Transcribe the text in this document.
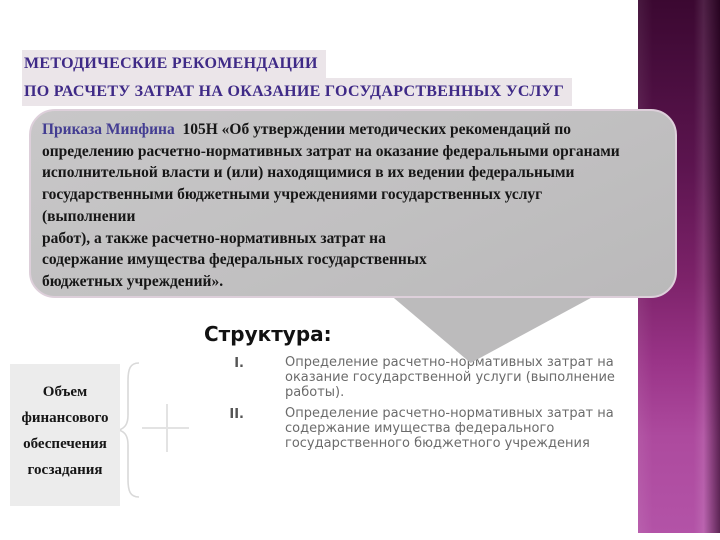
МЕТОДИЧЕСКИЕ РЕКОМЕНДАЦИИ
ПО РАСЧЕТУ ЗАТРАТ НА ОКАЗАНИЕ ГОСУДАРСТВЕННЫХ УСЛУГ
Приказа Минфина  105Н «Об утверждении методических рекомендаций по
определению расчетно-нормативных затрат на оказание федеральными органами
исполнительной власти и (или) находящимися в их ведении федеральными
государственными бюджетными учреждениями государственных услуг
(выполнении
работ), а также расчетно-нормативных затрат на
содержание имущества федеральных государственных
бюджетных учреждений».
Структура:
I.	Определение расчетно-нормативных затрат на оказание государственной услуги (выполнение работы).
II.	Определение расчетно-нормативных затрат на содержание имущества федерального государственного бюджетного учреждения
Объем
финансового
обеспечения
госзадания
